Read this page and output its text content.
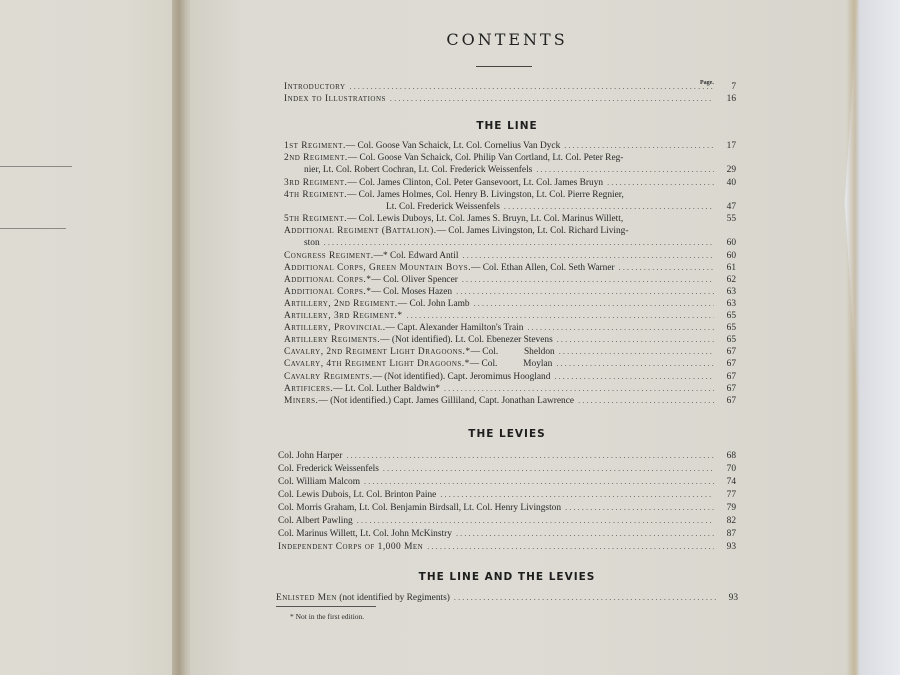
CONTENTS
Page.
Introductory .....	7
Index to Illustrations .....	16
THE LINE
1st Regiment.— Col. Goose Van Schaick, Lt. Col. Cornelius Van Dyck .....	17
2nd Regiment.— Col. Goose Van Schaick, Col. Philip Van Cortland, Lt. Col. Peter Reg-
nier, Lt. Col. Robert Cochran, Lt. Col. Frederick Weissenfels .....	29
3rd Regiment.— Col. James Clinton, Col. Peter Gansevoort, Lt. Col. James Bruyn .....	40
4th Regiment.— Col. James Holmes, Col. Henry B. Livingston, Lt. Col. Pierre Regnier,
Lt. Col. Frederick Weissenfels .....	47
5th Regiment.— Col. Lewis Duboys, Lt. Col. James S. Bruyn, Lt. Col. Marinus Willett,	55
Additional Regiment (Battalion).— Col. James Livingston, Lt. Col. Richard Living-
ston .....	60
Congress Regiment.—* Col. Edward Antil .....	60
Additional Corps, Green Mountain Boys.— Col. Ethan Allen, Col. Seth Warner .....	61
Additional Corps.*— Col. Oliver Spencer .....	62
Additional Corps.*— Col. Moses Hazen .....	63
Artillery, 2nd Regiment.— Col. John Lamb .....	63
Artillery, 3rd Regiment.* .....	65
Artillery, Provincial.— Capt. Alexander Hamilton's Train .....	65
Artillery Regiments.— (Not identified). Lt. Col. Ebenezer Stevens .....	65
Cavalry, 2nd Regiment Light Dragoons.*— Col.           Sheldon .....	67
Cavalry, 4th Regiment Light Dragoons.*— Col.           Moylan .....	67
Cavalry Regiments.— (Not identified). Capt. Jeromimus Hoogland .....	67
Artificers.— Lt. Col. Luther Baldwin* .....	67
Miners.— (Not identified.) Capt. James Gilliland, Capt. Jonathan Lawrence .....	67
THE LEVIES
Col. John Harper .....	68
Col. Frederick Weissenfels .....	70
Col. William Malcom .....	74
Col. Lewis Dubois, Lt. Col. Brinton Paine .....	77
Col. Morris Graham, Lt. Col. Benjamin Birdsall, Lt. Col. Henry Livingston .....	79
Col. Albert Pawling .....	82
Col. Marinus Willett, Lt. Col. John McKinstry .....	87
Independent Corps of 1,000 Men .....	93
THE LINE AND THE LEVIES
Enlisted Men (not identified by Regiments) .....	93
* Not in the first edition.
